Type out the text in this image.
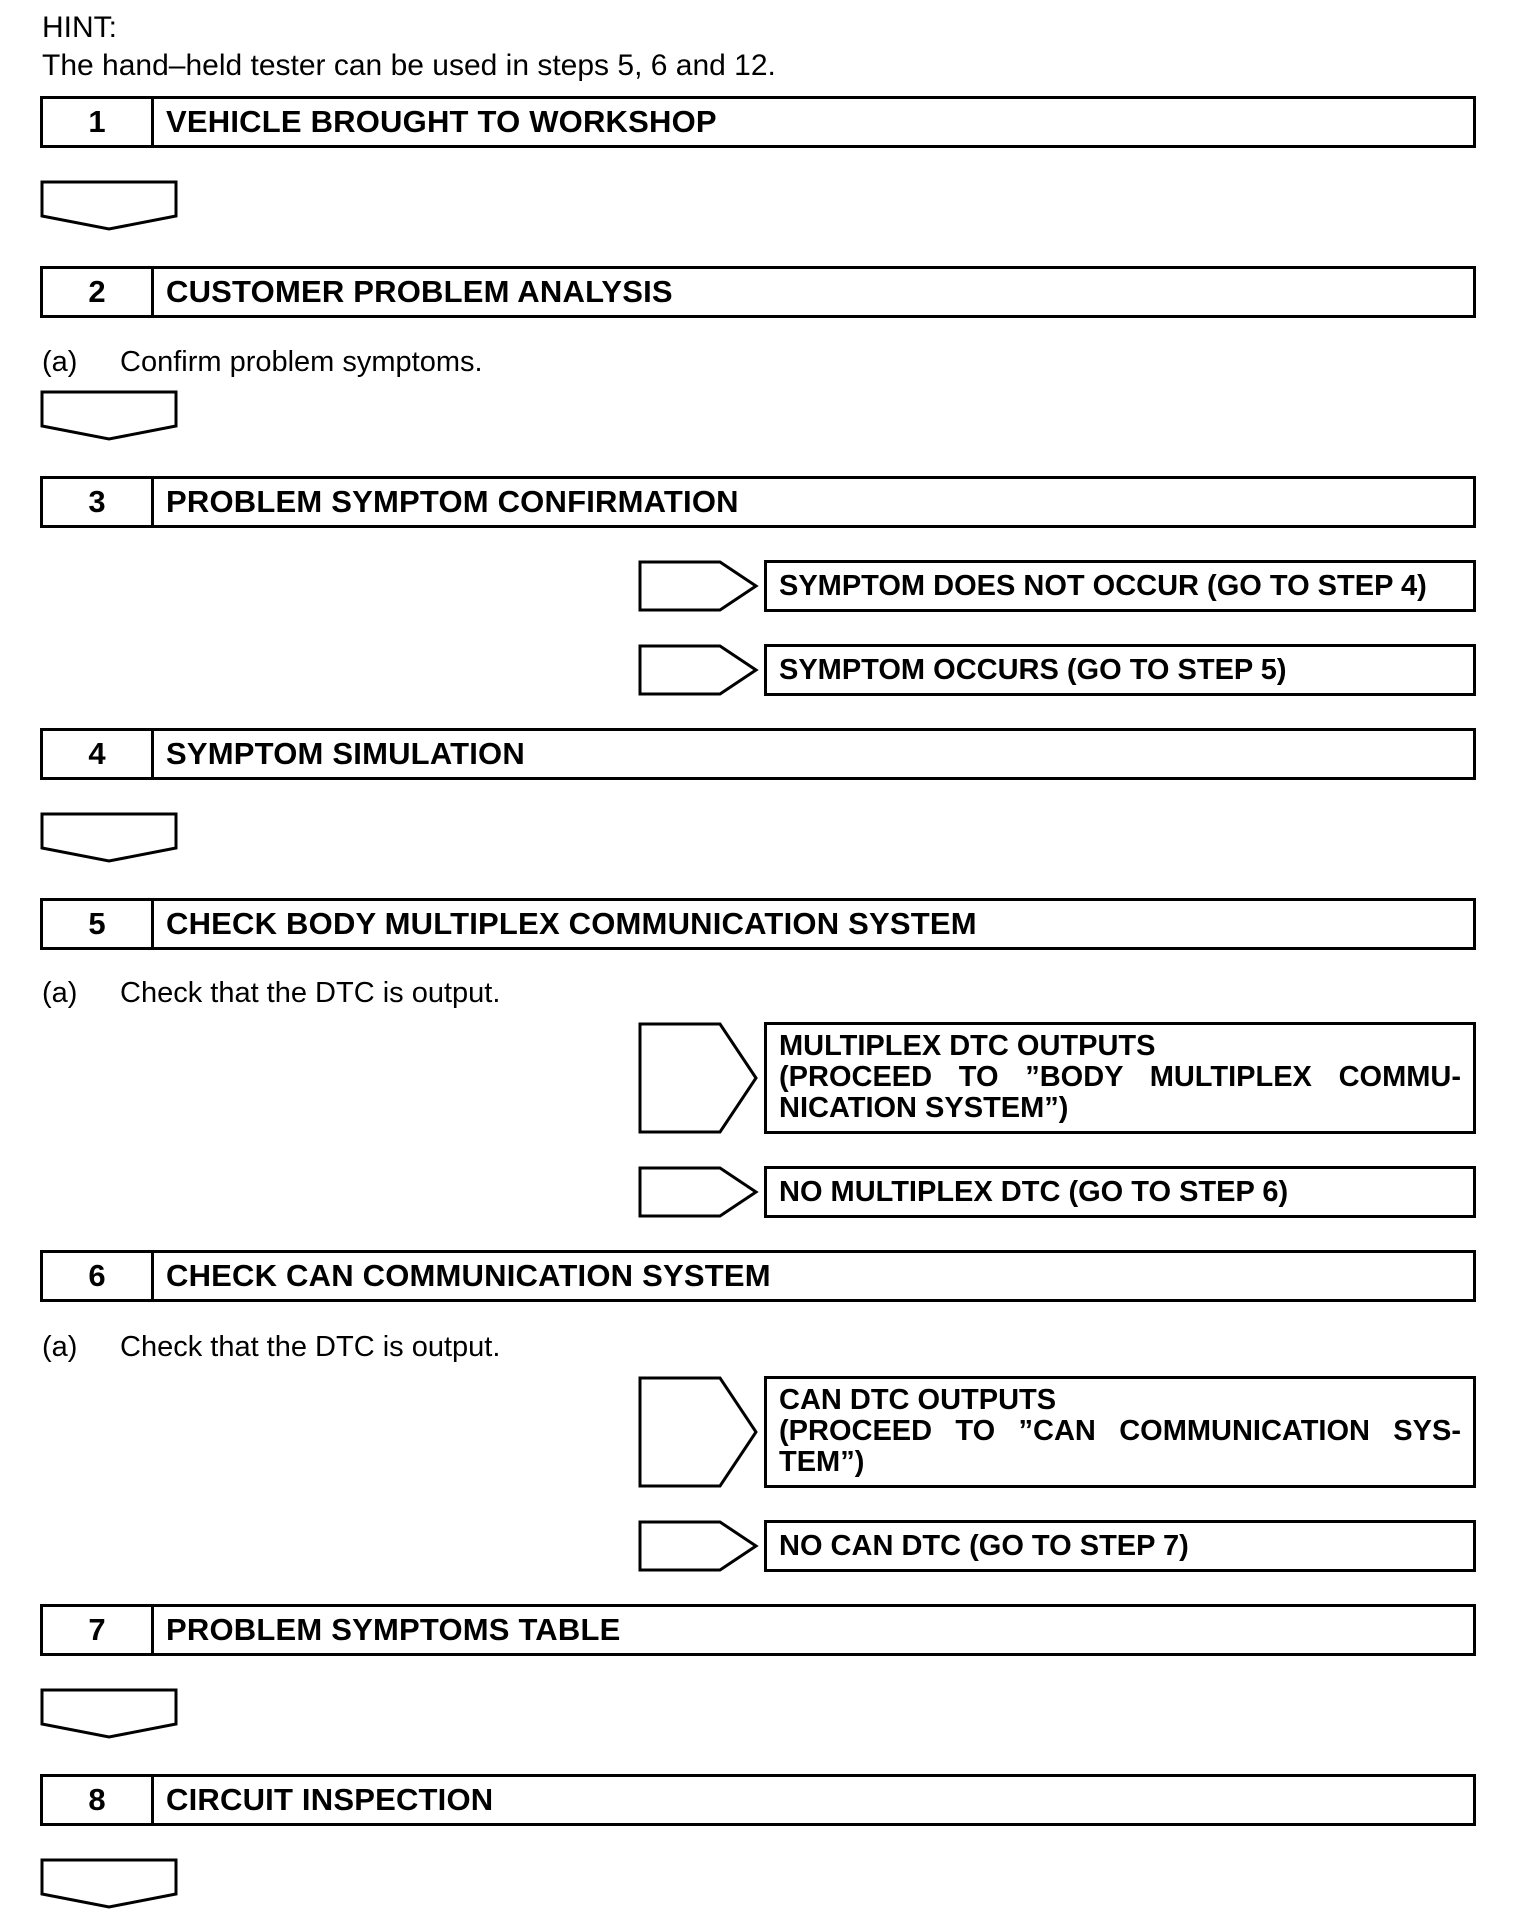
HINT:
The hand–held tester can be used in steps 5, 6 and 12.
1	VEHICLE BROUGHT TO WORKSHOP
2	CUSTOMER PROBLEM ANALYSIS
(a) Confirm problem symptoms.
3	PROBLEM SYMPTOM CONFIRMATION
SYMPTOM DOES NOT OCCUR (GO TO STEP 4)
SYMPTOM OCCURS (GO TO STEP 5)
4	SYMPTOM SIMULATION
5	CHECK BODY MULTIPLEX COMMUNICATION SYSTEM
(a) Check that the DTC is output.
MULTIPLEX DTC OUTPUTS
(PROCEED TO ”BODY MULTIPLEX COMMU-
NICATION SYSTEM”)
NO MULTIPLEX DTC (GO TO STEP 6)
6	CHECK CAN COMMUNICATION SYSTEM
(a) Check that the DTC is output.
CAN DTC OUTPUTS
(PROCEED TO ”CAN COMMUNICATION SYS-
TEM”)
NO CAN DTC (GO TO STEP 7)
7	PROBLEM SYMPTOMS TABLE
8	CIRCUIT INSPECTION
